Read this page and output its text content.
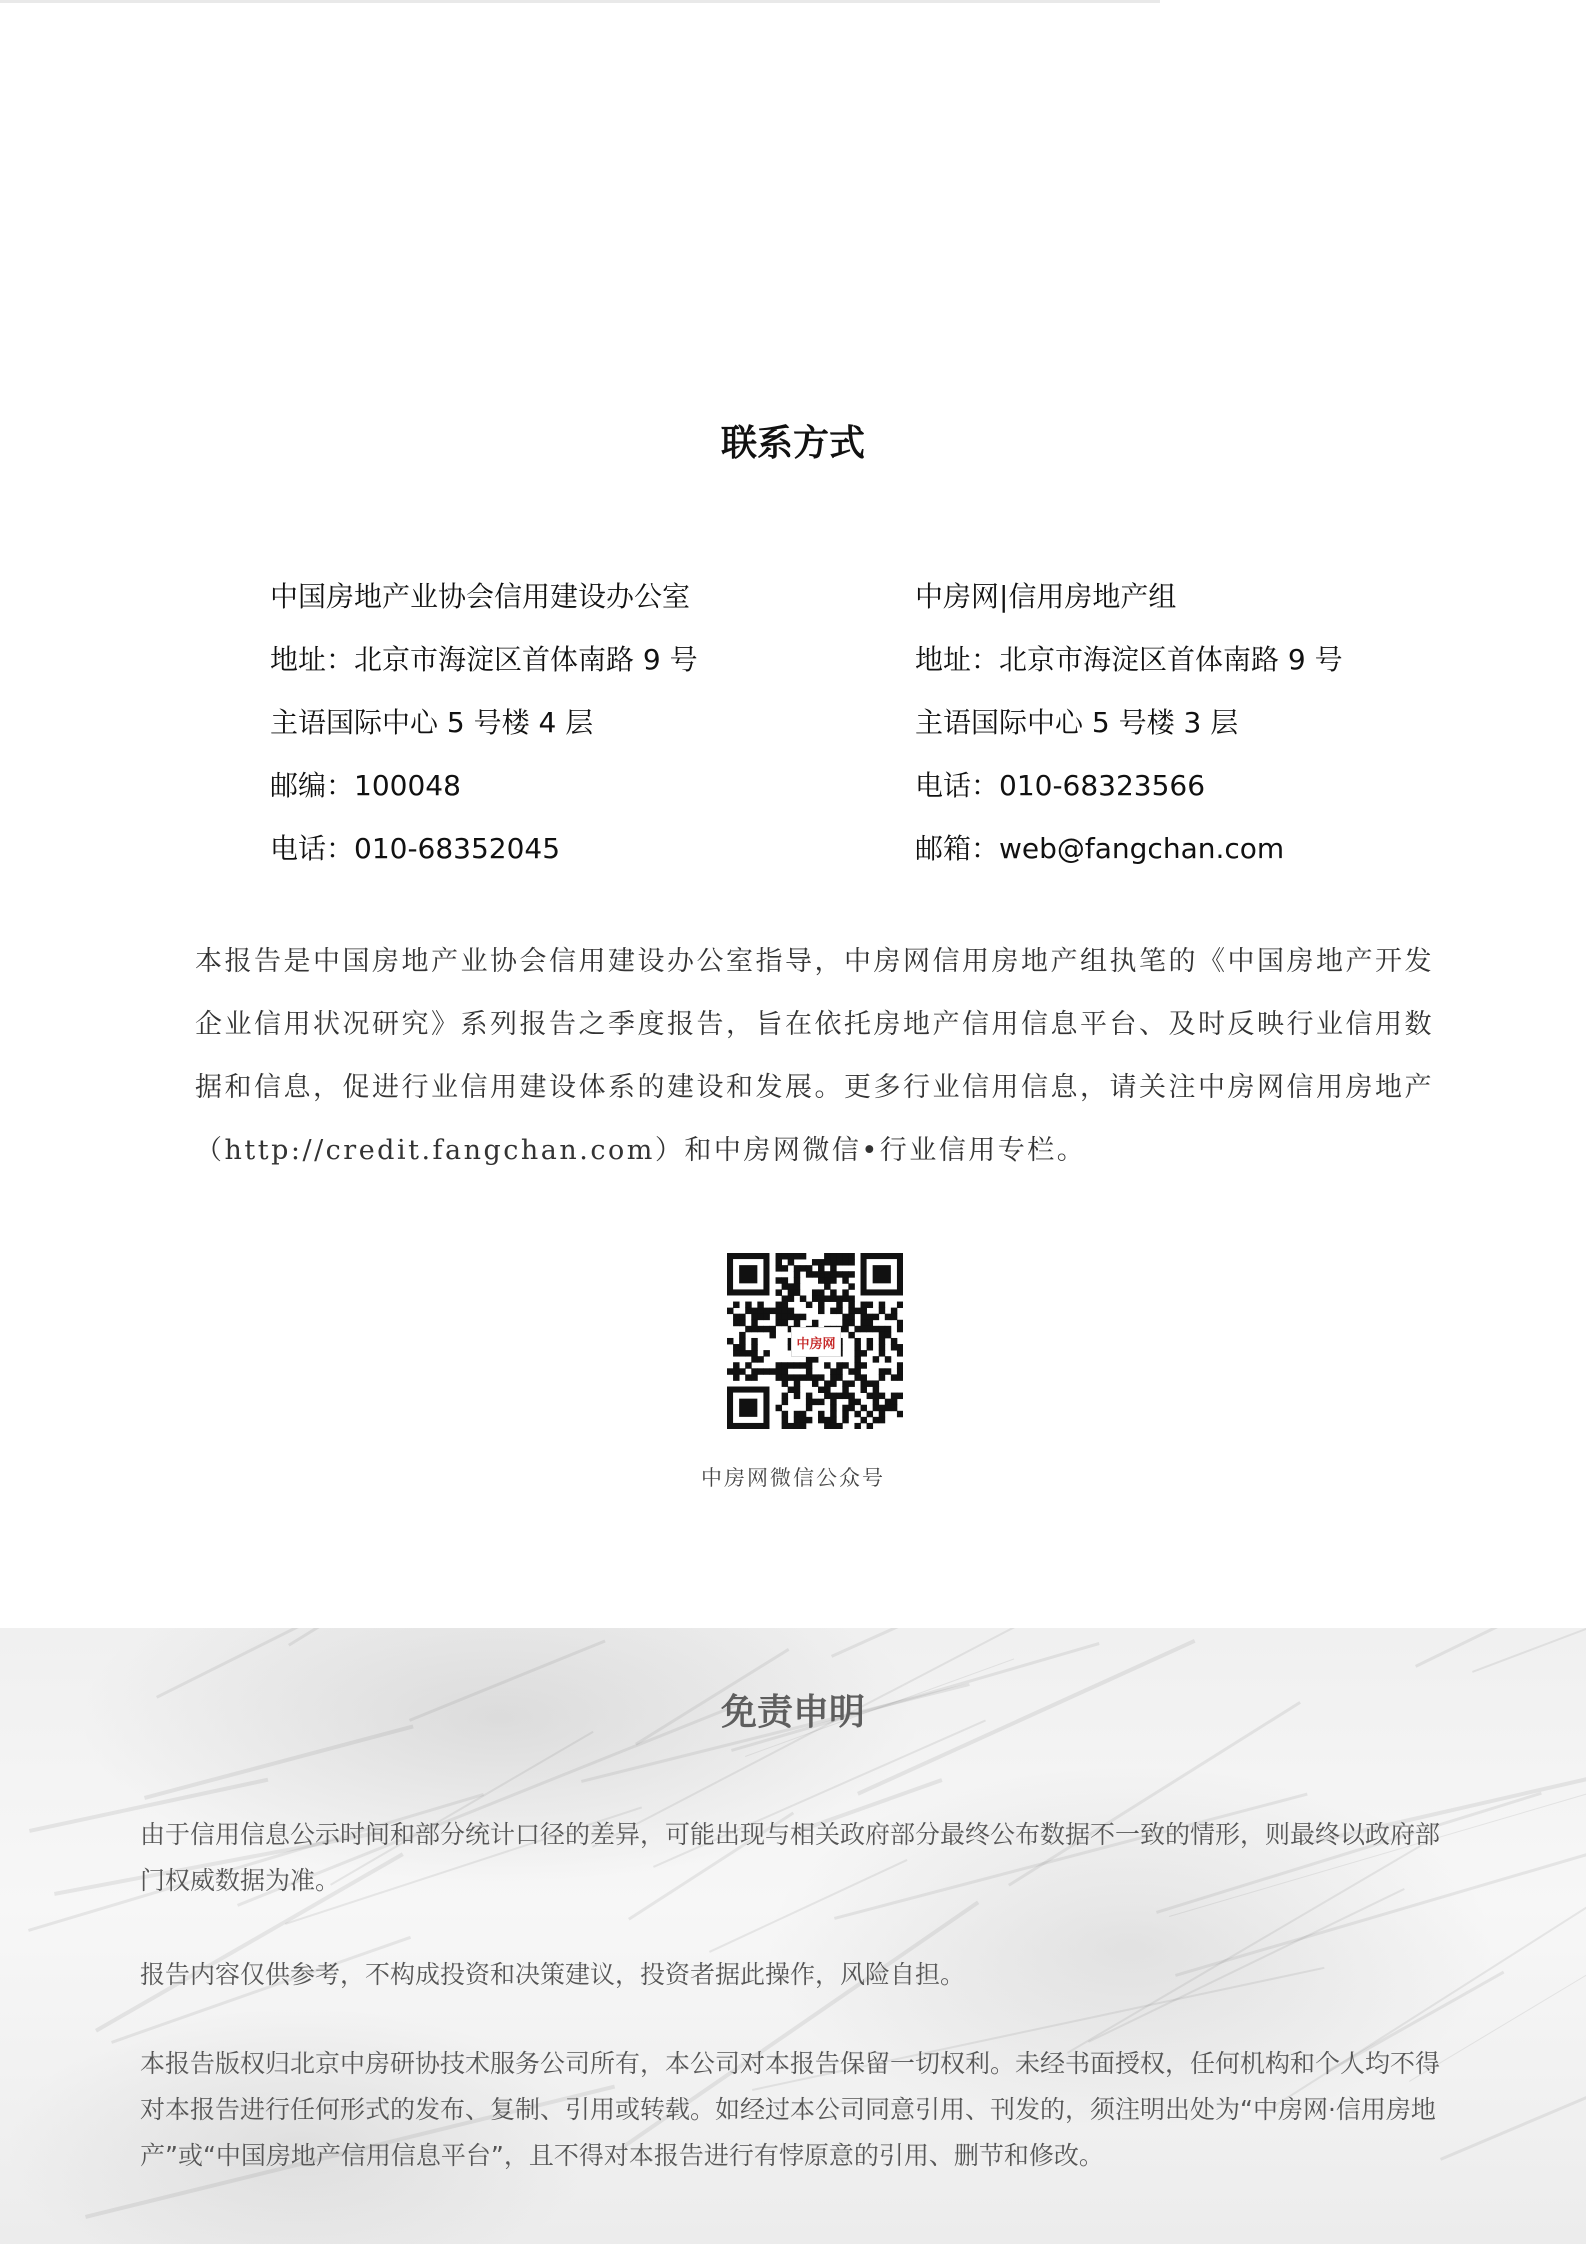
联系方式
中国房地产业协会信用建设办公室
地址：北京市海淀区首体南路 9 号
主语国际中心 5 号楼 4 层
邮编：100048
电话：010-68352045
中房网|信用房地产组
地址：北京市海淀区首体南路 9 号
主语国际中心 5 号楼 3 层
电话：010-68323566
邮箱：web@fangchan.com
本报告是中国房地产业协会信用建设办公室指导，中房网信用房地产组执笔的《中国房地产开发企业信用状况研究》系列报告之季度报告，旨在依托房地产信用信息平台、及时反映行业信用数据和信息，促进行业信用建设体系的建设和发展。更多行业信用信息，请关注中房网信用房地产（http://credit.fangchan.com）和中房网微信•行业信用专栏。
中房网
中房网微信公众号
免责申明
由于信用信息公示时间和部分统计口径的差异，可能出现与相关政府部分最终公布数据不一致的情形，则最终以政府部门权威数据为准。
报告内容仅供参考，不构成投资和决策建议，投资者据此操作，风险自担。
本报告版权归北京中房研协技术服务公司所有，本公司对本报告保留一切权利。未经书面授权，任何机构和个人均不得对本报告进行任何形式的发布、复制、引用或转载。如经过本公司同意引用、刊发的，须注明出处为“中房网·信用房地产”或“中国房地产信用信息平台”，且不得对本报告进行有悖原意的引用、删节和修改。
